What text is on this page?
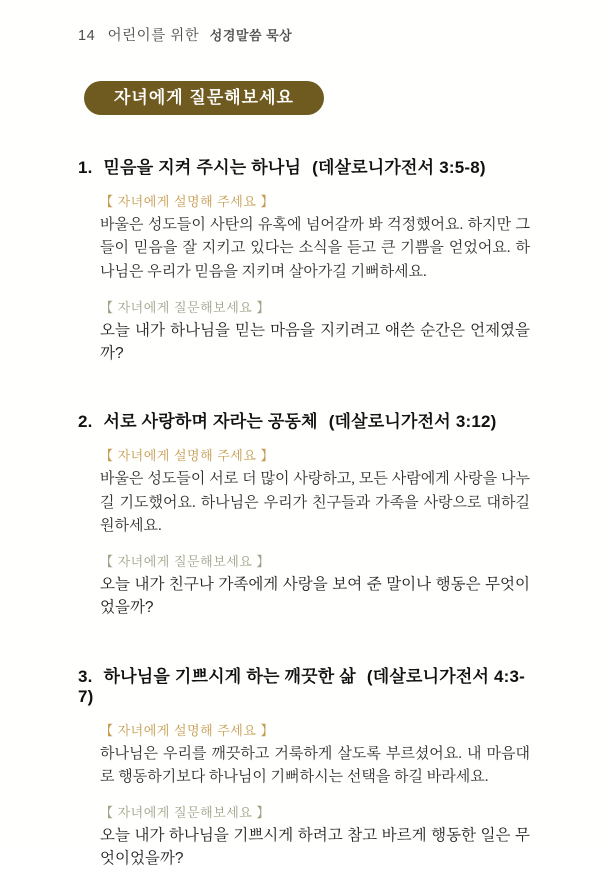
14 어린이를 위한 성경말씀 묵상
자녀에게 질문해보세요
1. 믿음을 지켜 주시는 하나님 (데살로니가전서 3:5-8)
【 자녀에게 설명해 주세요 】

바울은 성도들이 사탄의 유혹에 넘어갈까 봐 걱정했어요. 하지만 그들이 믿음을 잘 지키고 있다는 소식을 듣고 큰 기쁨을 얻었어요. 하나님은 우리가 믿음을 지키며 살아가길 기뻐하세요.

【 자녀에게 질문해보세요 】

오늘 내가 하나님을 믿는 마음을 지키려고 애쓴 순간은 언제였을까?

2. 서로 사랑하며 자라는 공동체 (데살로니가전서 3:12)
【 자녀에게 설명해 주세요 】

바울은 성도들이 서로 더 많이 사랑하고, 모든 사람에게 사랑을 나누길 기도했어요. 하나님은 우리가 친구들과 가족을 사랑으로 대하길 원하세요.

【 자녀에게 질문해보세요 】

오늘 내가 친구나 가족에게 사랑을 보여 준 말이나 행동은 무엇이었을까?

3. 하나님을 기쁘시게 하는 깨끗한 삶 (데살로니가전서 4:3-7)
【 자녀에게 설명해 주세요 】

하나님은 우리를 깨끗하고 거룩하게 살도록 부르셨어요. 내 마음대로 행동하기보다 하나님이 기뻐하시는 선택을 하길 바라세요.

【 자녀에게 질문해보세요 】

오늘 내가 하나님을 기쁘시게 하려고 참고 바르게 행동한 일은 무엇이었을까?
